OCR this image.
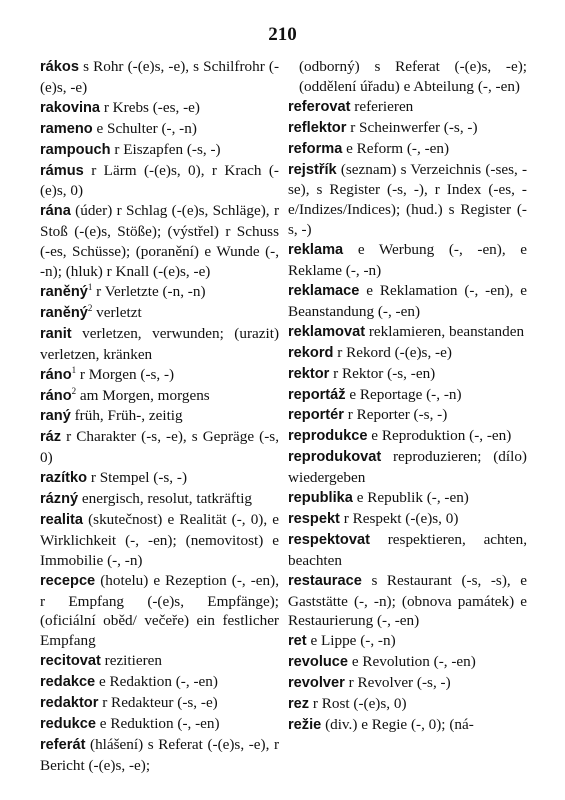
210
rákos s Rohr (-(e)s, -e), s Schilfrohr (-(e)s, -e)
rakovina r Krebs (-es, -e)
rameno e Schulter (-, -n)
rampouch r Eiszapfen (-s, -)
rámus r Lärm (-(e)s, 0), r Krach (-(e)s, 0)
rána (úder) r Schlag (-(e)s, Schläge), r Stoß (-(e)s, Stöße); (výstřel) r Schuss (-es, Schüsse); (poranění) e Wunde (-, -n); (hluk) r Knall (-(e)s, -e)
raněný$^1$ r Verletzte (-n, -n)
raněný$^2$ verletzt
ranit verletzen, verwunden; (urazit) verletzen, kränken
ráno$^1$ r Morgen (-s, -)
ráno$^2$ am Morgen, morgens
raný früh, Früh-, zeitig
ráz r Charakter (-s, -e), s Gepräge (-s, 0)
razítko r Stempel (-s, -)
rázný energisch, resolut, tatkräftig
realita (skutečnost) e Realität (-, 0), e Wirklichkeit (-, -en); (nemovitost) e Immobilie (-, -n)
recepce (hotelu) e Rezeption (-, -en), r Empfang (-(e)s, Empfänge); (oficiální oběd/ večeře) ein festlicher Empfang
recitovat rezitieren
redakce e Redaktion (-, -en)
redaktor r Redakteur (-s, -e)
redukce e Reduktion (-, -en)
referát (hlášení) s Referat (-(e)s, -e), r Bericht (-(e)s, -e);
(odborný) s Referat (-(e)s, -e); (oddělení úřadu) e Abteilung (-, -en)
referovat referieren
reflektor r Scheinwerfer (-s, -)
reforma e Reform (-, -en)
rejstřík (seznam) s Verzeichnis (-ses, -se), s Register (-s, -), r Index (-es, -e/Indizes/Indices); (hud.) s Register (-s, -)
reklama e Werbung (-, -en), e Reklame (-, -n)
reklamace e Reklamation (-, -en), e Beanstandung (-, -en)
reklamovat reklamieren, beanstanden
rekord r Rekord (-(e)s, -e)
rektor r Rektor (-s, -en)
reportáž e Reportage (-, -n)
reportér r Reporter (-s, -)
reprodukce e Reproduktion (-, -en)
reprodukovat reproduzieren; (dílo) wiedergeben
republika e Republik (-, -en)
respekt r Respekt (-(e)s, 0)
respektovat respektieren, achten, beachten
restaurace s Restaurant (-s, -s), e Gaststätte (-, -n); (obnova památek) e Restaurierung (-, -en)
ret e Lippe (-, -n)
revoluce e Revolution (-, -en)
revolver r Revolver (-s, -)
rez r Rost (-(e)s, 0)
režie (div.) e Regie (-, 0); (ná-
